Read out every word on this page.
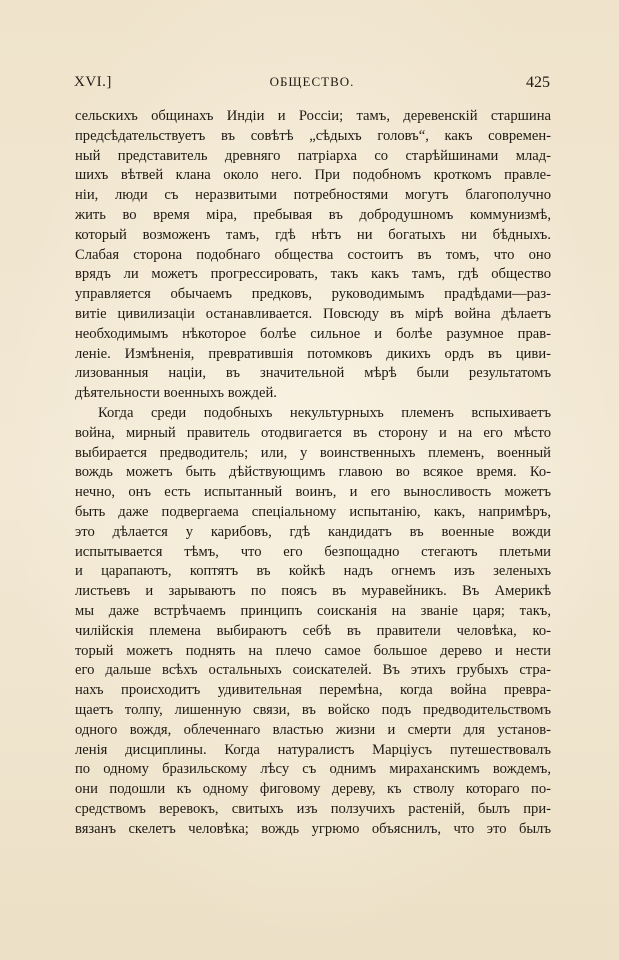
XVI.]	ОБЩЕСТВО.	425
сельскихъ общинахъ Индіи и Россіи; тамъ, деревенскій старшина
предсѣдательствуетъ въ совѣтѣ „сѣдыхъ головъ“, какъ современ-
ный представитель древняго патріарха со старѣйшинами млад-
шихъ вѣтвей клана около него. При подобномъ кроткомъ правле-
ніи, люди съ неразвитыми потребностями могутъ благополучно
жить во время міра, пребывая въ добродушномъ коммунизмѣ,
который возможенъ тамъ, гдѣ нѣтъ ни богатыхъ ни бѣдныхъ.
Слабая сторона подобнаго общества состоитъ въ томъ, что оно
врядъ ли можетъ прогрессировать, такъ какъ тамъ, гдѣ общество
управляется обычаемъ предковъ, руководимымъ прадѣдами—раз-
витіе цивилизаціи останавливается. Повсюду въ мірѣ война дѣлаетъ
необходимымъ нѣкоторое болѣе сильное и болѣе разумное прав-
леніе. Измѣненія, превратившія потомковъ дикихъ ордъ въ циви-
лизованныя націи, въ значительной мѣрѣ были результатомъ
дѣятельности военныхъ вождей.
Когда среди подобныхъ некультурныхъ племенъ вспыхиваетъ
война, мирный правитель отодвигается въ сторону и на его мѣсто
выбирается предводитель; или, у воинственныхъ племенъ, военный
вождь можетъ быть дѣйствующимъ главою во всякое время. Ко-
нечно, онъ есть испытанный воинъ, и его выносливость можетъ
быть даже подвергаема спеціальному испытанію, какъ, напримѣръ,
это дѣлается у карибовъ, гдѣ кандидатъ въ военные вожди
испытывается тѣмъ, что его безпощадно стегаютъ плетьми
и царапаютъ, коптятъ въ койкѣ надъ огнемъ изъ зеленыхъ
листьевъ и зарываютъ по поясъ въ муравейникъ. Въ Америкѣ
мы даже встрѣчаемъ принципъ соисканія на званіе царя; такъ,
чилійскія племена выбираютъ себѣ въ правители человѣка, ко-
торый можетъ поднять на плечо самое большое дерево и нести
его дальше всѣхъ остальныхъ соискателей. Въ этихъ грубыхъ стра-
нахъ происходитъ удивительная перемѣна, когда война превра-
щаетъ толпу, лишенную связи, въ войско подъ предводительствомъ
одного вождя, облеченнаго властью жизни и смерти для установ-
ленія дисциплины. Когда натуралистъ Марціусъ путешествовалъ
по одному бразильскому лѣсу съ однимъ мираханскимъ вождемъ,
они подошли къ одному фиговому дереву, къ стволу котораго по-
средствомъ веревокъ, свитыхъ изъ ползучихъ растеній, былъ при-
вязанъ скелетъ человѣка; вождь угрюмо объяснилъ, что это былъ
